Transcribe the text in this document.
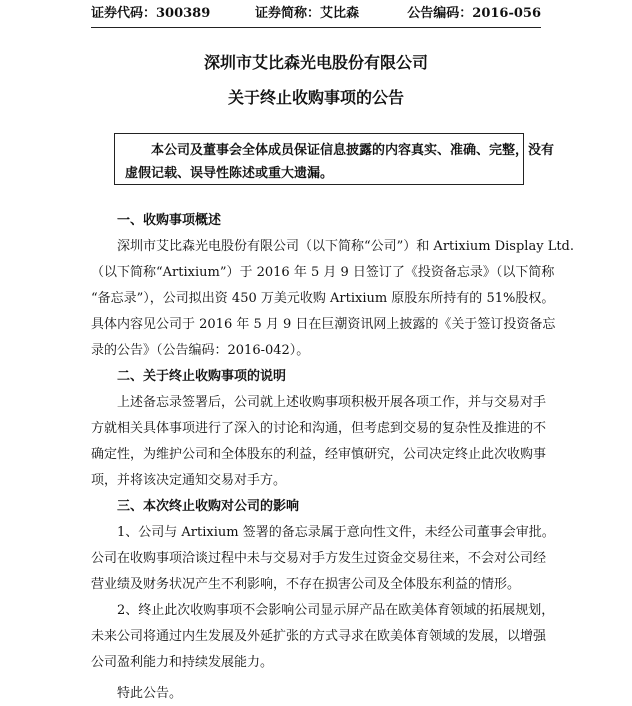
证券代码：300389	证券简称：艾比森	公告编码：2016-056
深圳市艾比森光电股份有限公司
关于终止收购事项的公告
本公司及董事会全体成员保证信息披露的内容真实、准确、完整，没有
虚假记载、误导性陈述或重大遗漏。
一、收购事项概述
深圳市艾比森光电股份有限公司（以下简称“公司”）和 Artixium Display Ltd.
（以下简称“Artixium”）于 2016 年 5 月 9 日签订了《投资备忘录》（以下简称
“备忘录”），公司拟出资 450 万美元收购 Artixium 原股东所持有的 51%股权。
具体内容见公司于 2016 年 5 月 9 日在巨潮资讯网上披露的《关于签订投资备忘
录的公告》（公告编码：2016-042）。
二、关于终止收购事项的说明
上述备忘录签署后，公司就上述收购事项积极开展各项工作，并与交易对手
方就相关具体事项进行了深入的讨论和沟通，但考虑到交易的复杂性及推进的不
确定性，为维护公司和全体股东的利益，经审慎研究，公司决定终止此次收购事
项，并将该决定通知交易对手方。
三、本次终止收购对公司的影响
1、公司与 Artixium 签署的备忘录属于意向性文件，未经公司董事会审批。
公司在收购事项洽谈过程中未与交易对手方发生过资金交易往来，不会对公司经
营业绩及财务状况产生不利影响，不存在损害公司及全体股东利益的情形。
2、终止此次收购事项不会影响公司显示屏产品在欧美体育领域的拓展规划，
未来公司将通过内生发展及外延扩张的方式寻求在欧美体育领域的发展，以增强
公司盈利能力和持续发展能力。
特此公告。
